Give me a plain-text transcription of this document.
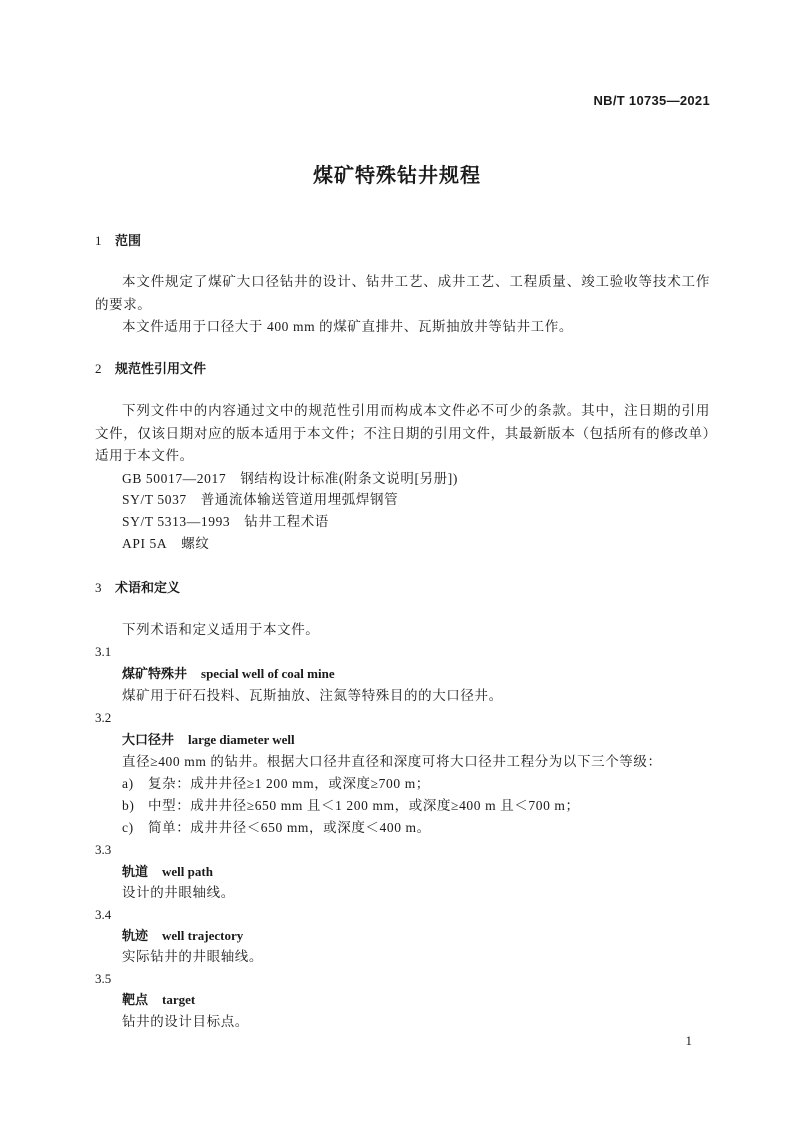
NB/T 10735—2021
煤矿特殊钻井规程
1 范围
本文件规定了煤矿大口径钻井的设计、钻井工艺、成井工艺、工程质量、竣工验收等技术工作的要求。
本文件适用于口径大于 400 mm 的煤矿直排井、瓦斯抽放井等钻井工作。
2 规范性引用文件
下列文件中的内容通过文中的规范性引用而构成本文件必不可少的条款。其中，注日期的引用文件，仅该日期对应的版本适用于本文件；不注日期的引用文件，其最新版本（包括所有的修改单）适用于本文件。
GB 50017—2017 钢结构设计标准(附条文说明[另册])
SY/T 5037 普通流体输送管道用埋弧焊钢管
SY/T 5313—1993 钻井工程术语
API 5A 螺纹
3 术语和定义
下列术语和定义适用于本文件。
3.1
煤矿特殊井 special well of coal mine
煤矿用于矸石投料、瓦斯抽放、注氮等特殊目的的大口径井。
3.2
大口径井 large diameter well
直径≥400 mm 的钻井。根据大口径井直径和深度可将大口径井工程分为以下三个等级：
a) 复杂：成井井径≥1 200 mm，或深度≥700 m；
b) 中型：成井井径≥650 mm 且＜1 200 mm，或深度≥400 m 且＜700 m；
c) 简单：成井井径＜650 mm，或深度＜400 m。
3.3
轨道 well path
设计的井眼轴线。
3.4
轨迹 well trajectory
实际钻井的井眼轴线。
3.5
靶点 target
钻井的设计目标点。
1
